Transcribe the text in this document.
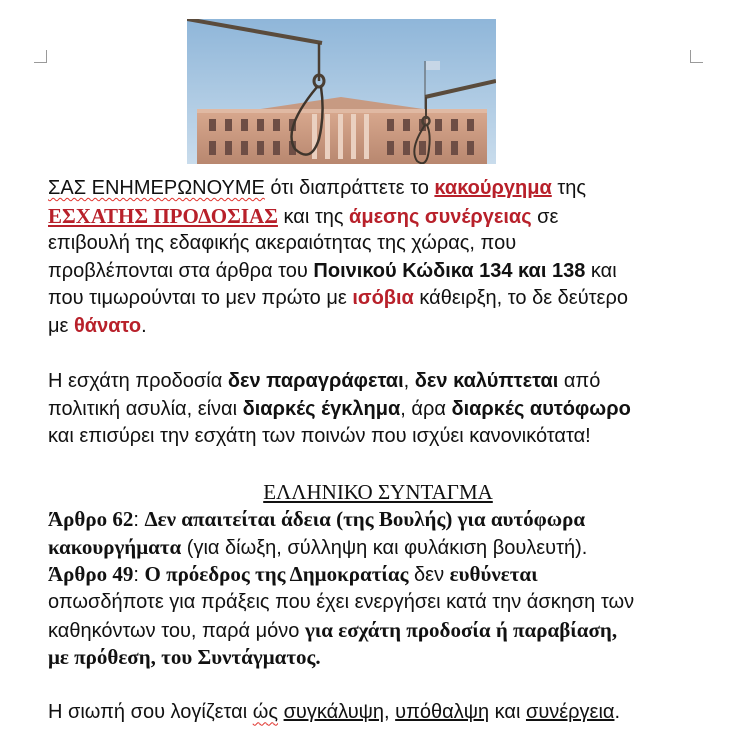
ΣΑΣ ΕΝΗΜΕΡΩΝΟΥΜΕ ότι διαπράττετε το κακούργημα της
ΕΣΧΑΤΗΣ ΠΡΟΔΟΣΙΑΣ και της άμεσης συνέργειας σε
επιβουλή της εδαφικής ακεραιότητας της χώρας, που
προβλέπονται στα άρθρα του Ποινικού Κώδικα 134 και 138 και
που τιμωρούνται το μεν πρώτο με ισόβια κάθειρξη, το δε δεύτερο
με θάνατο.
Η εσχάτη προδοσία δεν παραγράφεται, δεν καλύπτεται από
πολιτική ασυλία, είναι διαρκές έγκλημα, άρα διαρκές αυτόφωρο
και επισύρει την εσχάτη των ποινών που ισχύει κανονικότατα!
ΕΛΛΗΝΙΚΟ ΣΥΝΤΑΓΜΑ
Άρθρο 62: Δεν απαιτείται άδεια (της Βουλής) για αυτόφωρα
κακουργήματα (για δίωξη, σύλληψη και φυλάκιση βουλευτή).
Άρθρο 49: Ο πρόεδρος της Δημοκρατίας δεν ευθύνεται
οπωσδήποτε για πράξεις που έχει ενεργήσει κατά την άσκηση των
καθηκόντων του, παρά μόνο για εσχάτη προδοσία ή παραβίαση,
με πρόθεση, του Συντάγματος.
Η σιωπή σου λογίζεται ώς συγκάλυψη, υπόθαλψη και συνέργεια.
